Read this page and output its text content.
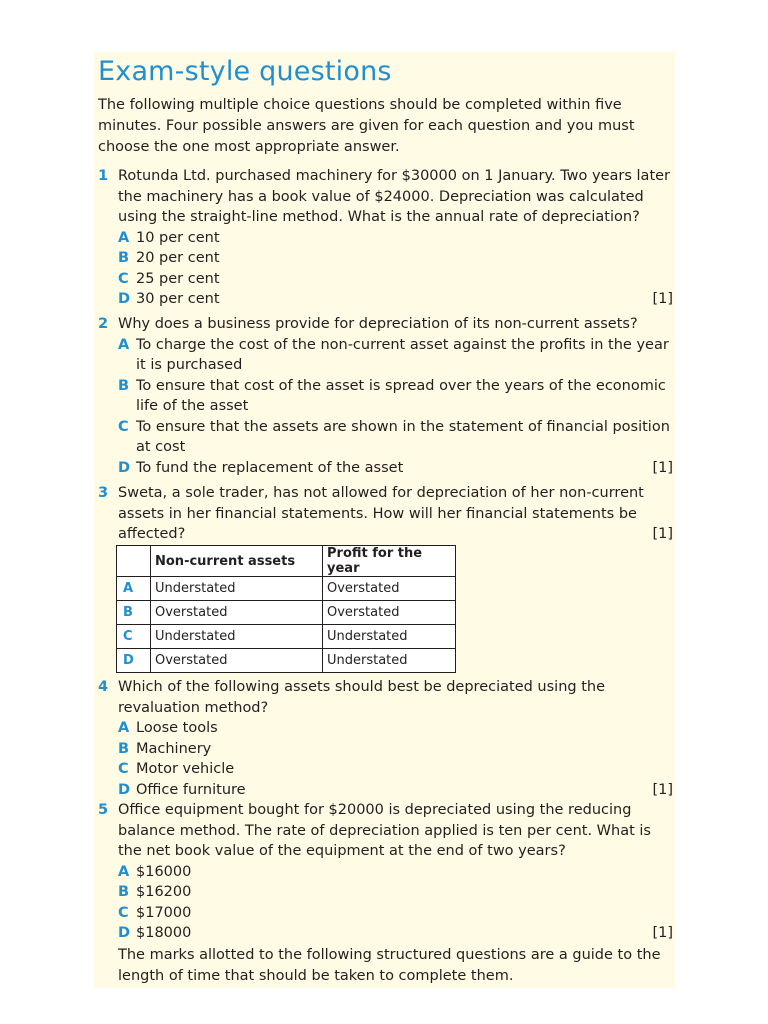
Exam-style questions
The following multiple choice questions should be completed within five minutes. Four possible answers are given for each question and you must choose the one most appropriate answer.
1 Rotunda Ltd. purchased machinery for $30000 on 1 January. Two years later the machinery has a book value of $24000. Depreciation was calculated using the straight-line method. What is the annual rate of depreciation?
A 10 per cent
B 20 per cent
C 25 per cent
D 30 per cent	[1]
2 Why does a business provide for depreciation of its non-current assets?
A To charge the cost of the non-current asset against the profits in the year it is purchased
B To ensure that cost of the asset is spread over the years of the economic life of the asset
C To ensure that the assets are shown in the statement of financial position at cost
D To fund the replacement of the asset	[1]
3 Sweta, a sole trader, has not allowed for depreciation of her non-current assets in her financial statements. How will her financial statements be affected?	[1]
	Non-current assets	Profit for the year
A	Understated	Overstated
B	Overstated	Overstated
C	Understated	Understated
D	Overstated	Understated
4 Which of the following assets should best be depreciated using the revaluation method?
A Loose tools
B Machinery
C Motor vehicle
D Office furniture	[1]
5 Office equipment bought for $20000 is depreciated using the reducing balance method. The rate of depreciation applied is ten per cent. What is the net book value of the equipment at the end of two years?
A $16000
B $16200
C $17000
D $18000	[1]
The marks allotted to the following structured questions are a guide to the length of time that should be taken to complete them.
